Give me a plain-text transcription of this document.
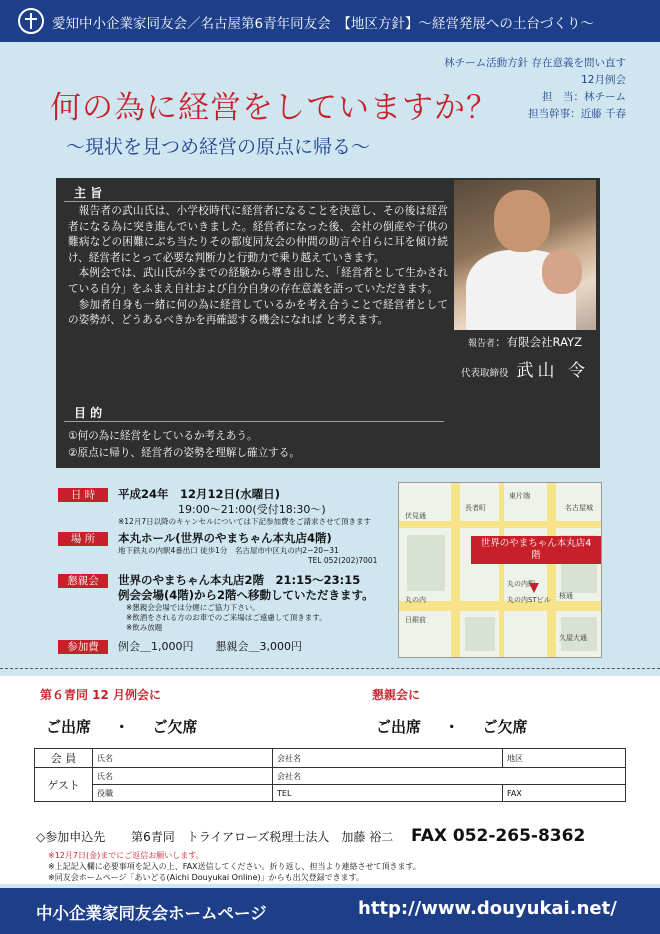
愛知中小企業家同友会／名古屋第6青年同友会　【地区方針】～経営発展への土台づくり～
林チーム活動方針 存在意義を問い直す
12月例会
担　当：林チーム
担当幹事：近藤 千春
何の為に経営をしていますか？
～現状を見つめ経営の原点に帰る～
主 旨

報告者の武山氏は、小学校時代に経営者になることを決意し、その後は経営者になる為に突き進んでいきました。経営者になった後、会社の倒産や子供の難病などの困難にぶち当たりその都度同友会の仲間の助言や自らに耳を傾け続け、経営者にとって必要な判断力と行動力で乗り越えていきます。

本例会では、武山氏が今までの経験から導き出した、「経営者として生かされている自分」をふまえ自社および自分自身の存在意義を語っていただきます。

参加者自身も一緒に何の為に経営しているかを考え合うことで経営者としての姿勢が、どうあるべきかを再確認する機会になれば と考えます。

目 的
①何の為に経営をしているか考えあう。
②原点に帰り、経営者の姿勢を理解し確立する。
報告者：有限会社RAYZ
代表取締役 武山 令
日 時	平成24年　12月12日(水曜日)
19:00～21:00(受付18:30～)
※12月7日以降のキャンセルについては下記参加費をご請求させて頂きます
場 所	本丸ホール(世界のやまちゃん本丸店4階)
地下鉄丸の内駅4番出口 徒歩1分　名古屋市中区丸の内2−20−31
TEL 052(202)7001
懇親会	世界のやまちゃん本丸店2階　21:15～23:15
例会会場(4階)から2階へ移動していただきます。
※懇親会会場では分煙にご協力下さい。
※飲酒をされる方のお車でのご来場はご遠慮して頂きます。
※飲み放題
参加費	例会＿1,000円　　懇親会＿3,000円
丸の内
名古屋城
丸の内駅
桜通
日銀前
伏見通
長者町
東片端
久屋大通
丸の内STビル
世界のやまちゃん本丸店4階
第６青同 12 月例会に	懇親会に
ご出席 ・ ご欠席	ご出席 ・ ご欠席
会 員	氏名	会社名	地区
ゲスト	氏名	会社名	
	役職	TEL	FAX
◇参加申込先 第6青同　トライアローズ税理士法人　加藤 裕二 FAX 052-265-8362
※12月7日(金)までにご返信お願いします。
※上記記入欄に必要事項を記入の上、FAX送信してください。折り返し、担当より連絡させて頂きます。
※同友会ホームページ「あいどる(Aichi Douyukai Online)」からも出欠登録できます。
中小企業家同友会ホームページ	http://www.douyukai.net/
